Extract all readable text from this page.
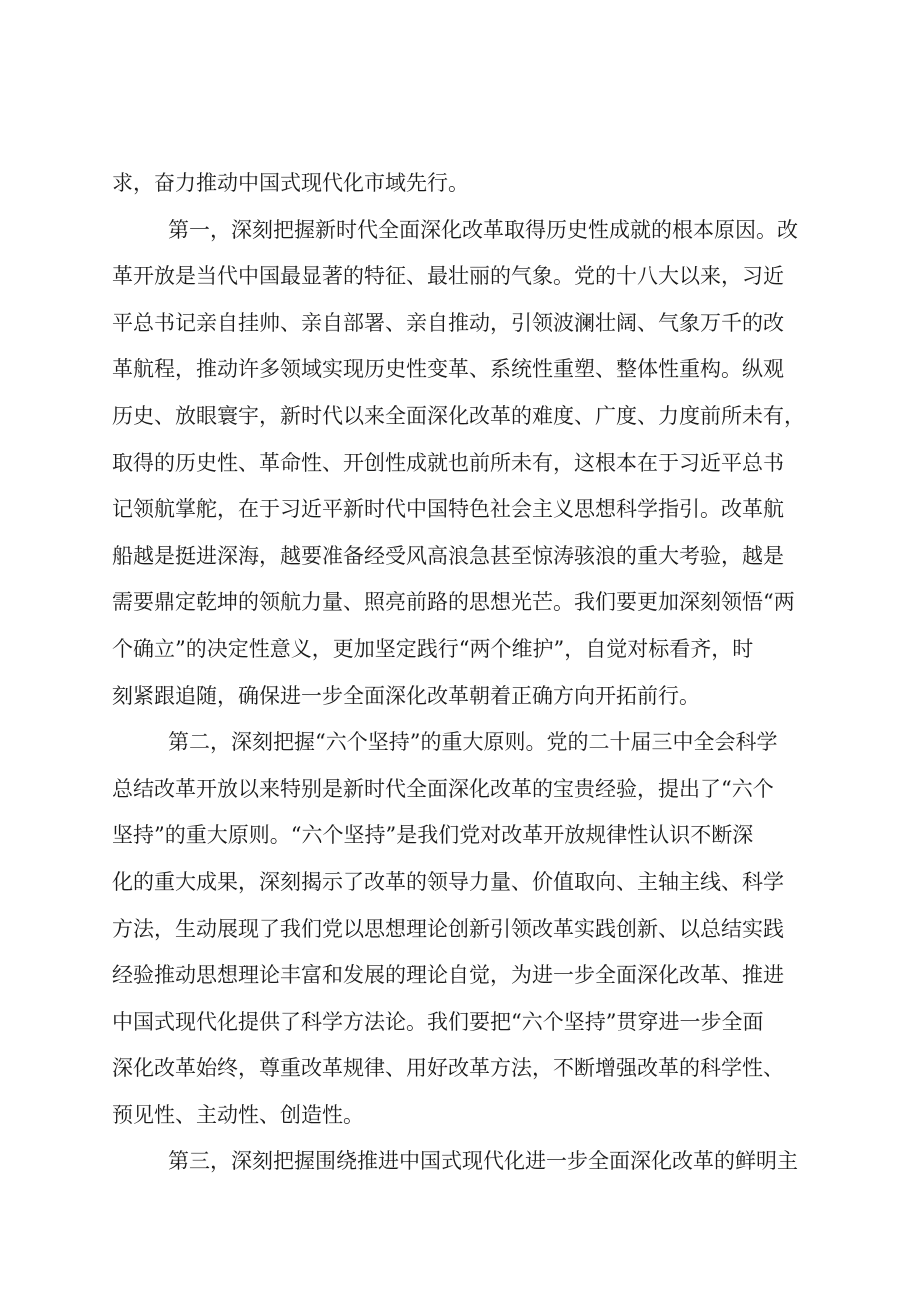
求，奋力推动中国式现代化市域先行。
第一，深刻把握新时代全面深化改革取得历史性成就的根本原因。改
革开放是当代中国最显著的特征、最壮丽的气象。党的十八大以来，习近
平总书记亲自挂帅、亲自部署、亲自推动，引领波澜壮阔、气象万千的改
革航程，推动许多领域实现历史性变革、系统性重塑、整体性重构。纵观
历史、放眼寰宇，新时代以来全面深化改革的难度、广度、力度前所未有，
取得的历史性、革命性、开创性成就也前所未有，这根本在于习近平总书
记领航掌舵，在于习近平新时代中国特色社会主义思想科学指引。改革航
船越是挺进深海，越要准备经受风高浪急甚至惊涛骇浪的重大考验，越是
需要鼎定乾坤的领航力量、照亮前路的思想光芒。我们要更加深刻领悟“两
个确立”的决定性意义，更加坚定践行“两个维护”，自觉对标看齐，时
刻紧跟追随，确保进一步全面深化改革朝着正确方向开拓前行。
第二，深刻把握“六个坚持”的重大原则。党的二十届三中全会科学
总结改革开放以来特别是新时代全面深化改革的宝贵经验，提出了“六个
坚持”的重大原则。“六个坚持”是我们党对改革开放规律性认识不断深
化的重大成果，深刻揭示了改革的领导力量、价值取向、主轴主线、科学
方法，生动展现了我们党以思想理论创新引领改革实践创新、以总结实践
经验推动思想理论丰富和发展的理论自觉，为进一步全面深化改革、推进
中国式现代化提供了科学方法论。我们要把“六个坚持”贯穿进一步全面
深化改革始终，尊重改革规律、用好改革方法，不断增强改革的科学性、
预见性、主动性、创造性。
第三，深刻把握围绕推进中国式现代化进一步全面深化改革的鲜明主
